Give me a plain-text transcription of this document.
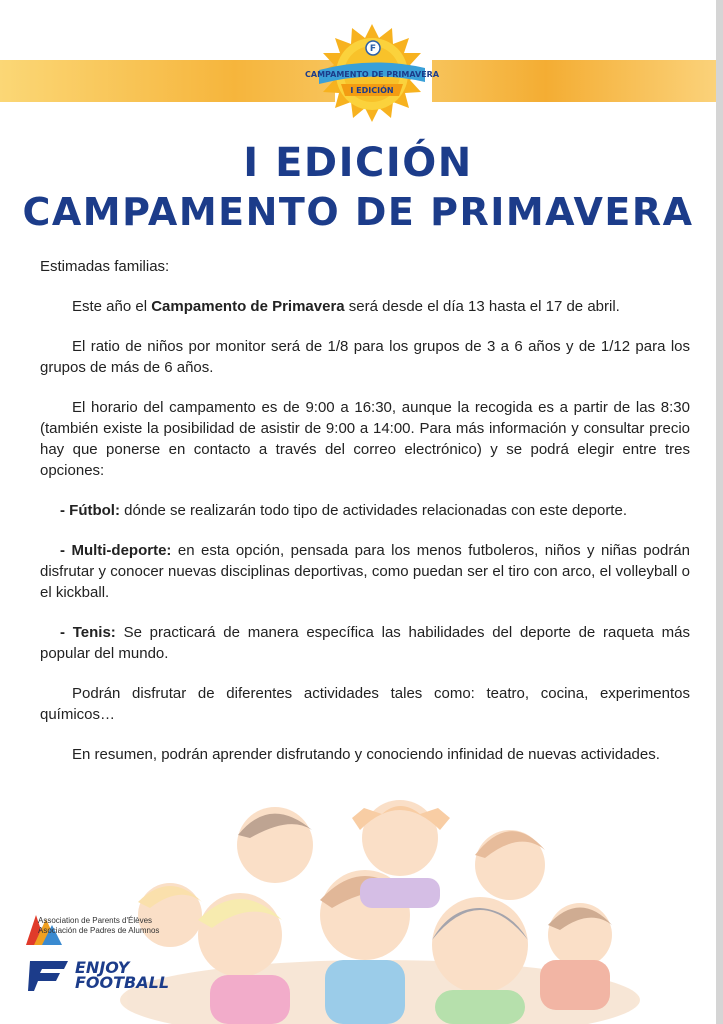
F
CAMPAMENTO DE PRIMAVERA
I EDICIÓN
I EDICIÓN
CAMPAMENTO DE PRIMAVERA

Estimadas familias:

Este año el Campamento de Primavera será desde el día 13 hasta el 17 de abril.

El ratio de niños por monitor será de 1/8 para los grupos de 3 a 6 años y de 1/12 para los grupos de más de 6 años.

El horario del campamento es de 9:00 a 16:30, aunque la recogida es a partir de las 8:30 (también existe la posibilidad de asistir de 9:00 a 14:00. Para más información y consultar precio hay que ponerse en contacto a través del correo electrónico) y se podrá elegir entre tres opciones:

- Fútbol: dónde se realizarán todo tipo de actividades relacionadas con este deporte.

- Multi-deporte: en esta opción, pensada para los menos futboleros, niños y niñas podrán disfrutar y conocer nuevas disciplinas deportivas, como puedan ser el tiro con arco, el volleyball o el kickball.

- Tenis: Se practicará de manera específica las habilidades del deporte de raqueta más popular del mundo.

Podrán disfrutar de diferentes actividades tales como: teatro, cocina, experimentos químicos…

En resumen, podrán aprender disfrutando y conociendo infinidad de nuevas actividades.

Association de Parents d'Élèves
Asociación de Padres de Alumnos
ENJOY
FOOTBALL
